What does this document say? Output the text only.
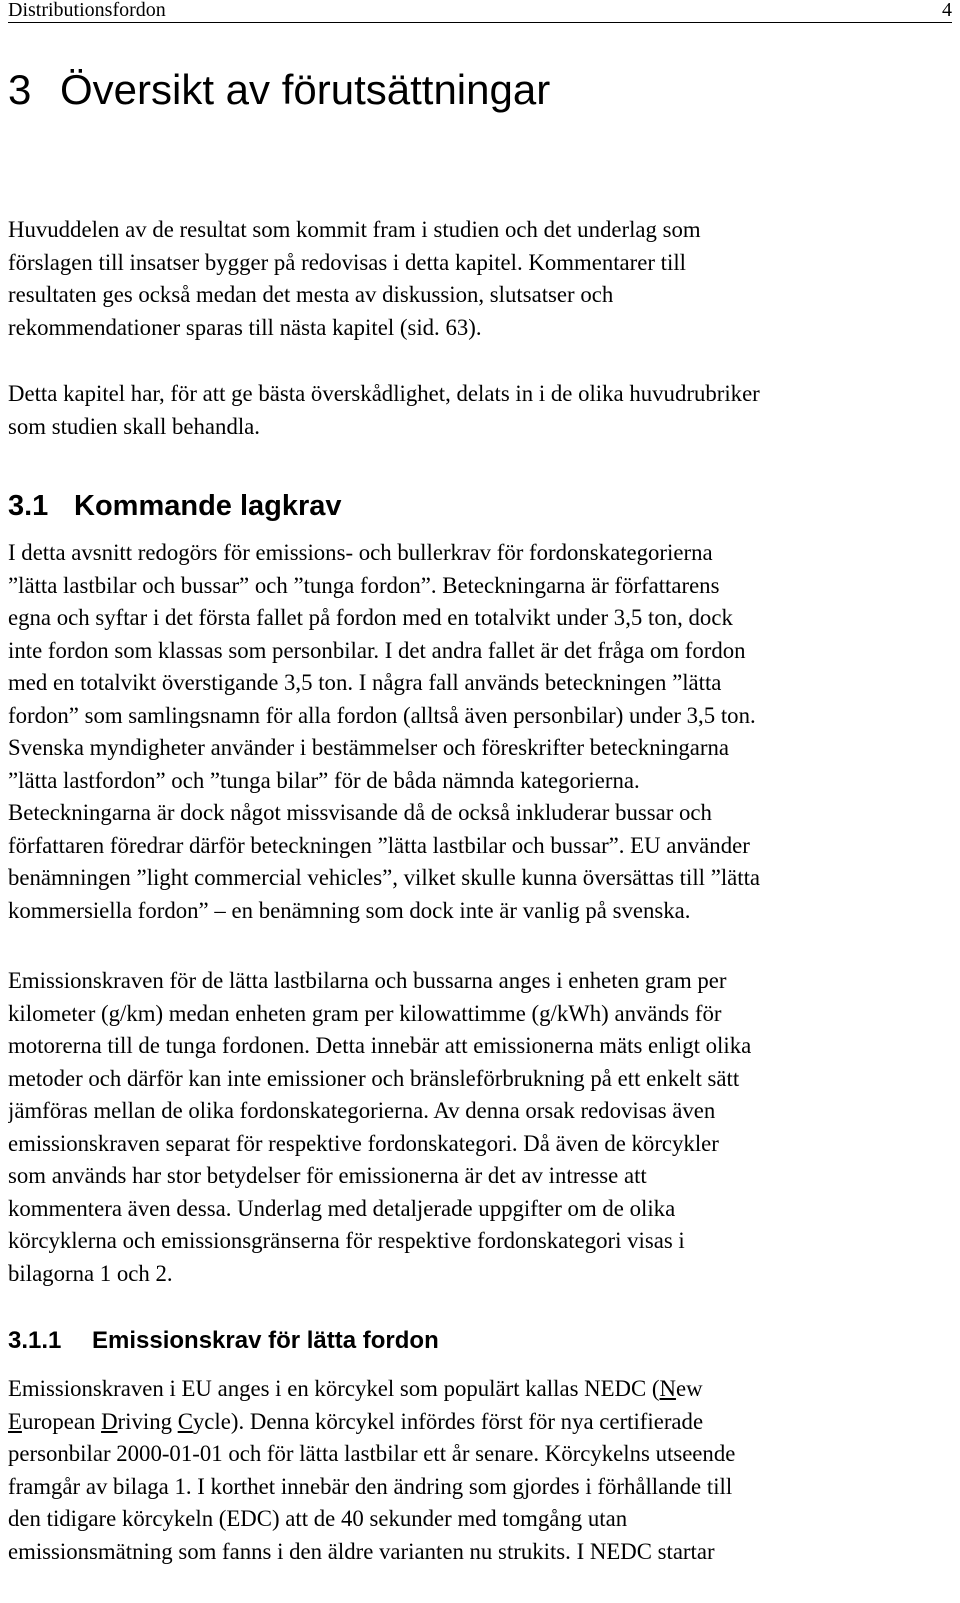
Distributionsfordon	4
3 Översikt av förutsättningar
Huvuddelen av de resultat som kommit fram i studien och det underlag som
förslagen till insatser bygger på redovisas i detta kapitel. Kommentarer till
resultaten ges också medan det mesta av diskussion, slutsatser och
rekommendationer sparas till nästa kapitel (sid. 63).
Detta kapitel har, för att ge bästa överskådlighet, delats in i de olika huvudrubriker
som studien skall behandla.
3.1 Kommande lagkrav
I detta avsnitt redogörs för emissions- och bullerkrav för fordonskategorierna
”lätta lastbilar och bussar” och ”tunga fordon”. Beteckningarna är författarens
egna och syftar i det första fallet på fordon med en totalvikt under 3,5 ton, dock
inte fordon som klassas som personbilar. I det andra fallet är det fråga om fordon
med en totalvikt överstigande 3,5 ton. I några fall används beteckningen ”lätta
fordon” som samlingsnamn för alla fordon (alltså även personbilar) under 3,5 ton.
Svenska myndigheter använder i bestämmelser och föreskrifter beteckningarna
”lätta lastfordon” och ”tunga bilar” för de båda nämnda kategorierna.
Beteckningarna är dock något missvisande då de också inkluderar bussar och
författaren föredrar därför beteckningen ”lätta lastbilar och bussar”. EU använder
benämningen ”light commercial vehicles”, vilket skulle kunna översättas till ”lätta
kommersiella fordon” – en benämning som dock inte är vanlig på svenska.
Emissionskraven för de lätta lastbilarna och bussarna anges i enheten gram per
kilometer (g/km) medan enheten gram per kilowattimme (g/kWh) används för
motorerna till de tunga fordonen. Detta innebär att emissionerna mäts enligt olika
metoder och därför kan inte emissioner och bränsleförbrukning på ett enkelt sätt
jämföras mellan de olika fordonskategorierna. Av denna orsak redovisas även
emissionskraven separat för respektive fordonskategori. Då även de körcykler
som används har stor betydelser för emissionerna är det av intresse att
kommentera även dessa. Underlag med detaljerade uppgifter om de olika
körcyklerna och emissionsgränserna för respektive fordonskategori visas i
bilagorna 1 och 2.
3.1.1 Emissionskrav för lätta fordon
Emissionskraven i EU anges i en körcykel som populärt kallas NEDC (New
European Driving Cycle). Denna körcykel infördes först för nya certifierade
personbilar 2000-01-01 och för lätta lastbilar ett år senare. Körcykelns utseende
framgår av bilaga 1. I korthet innebär den ändring som gjordes i förhållande till
den tidigare körcykeln (EDC) att de 40 sekunder med tomgång utan
emissionsmätning som fanns i den äldre varianten nu strukits. I NEDC startar
